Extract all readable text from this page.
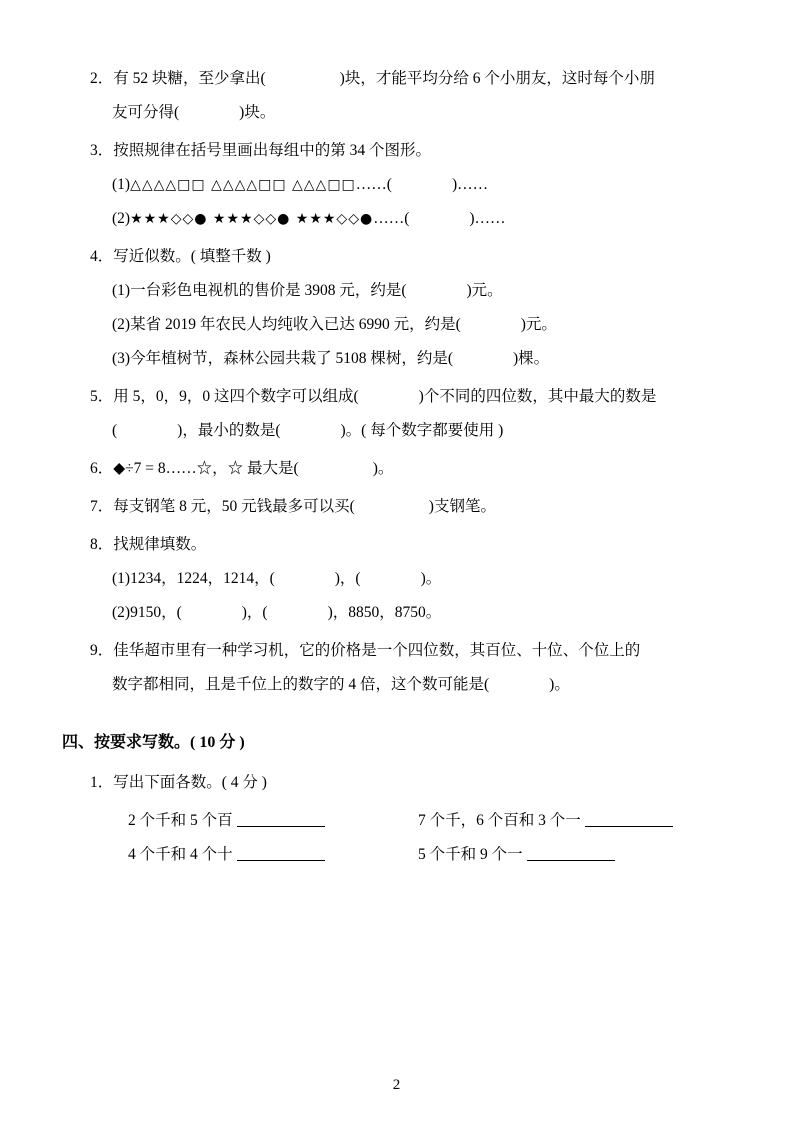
2．有 52 块糖，至少拿出(	)块，才能平均分给 6 个小朋友，这时每个小朋
友可分得(	)块。
3．按照规律在括号里画出每组中的第 34 个图形。
(1)△△△△□□ △△△△□□ △△△□□……(	)……
(2)★★★◇◇● ★★★◇◇● ★★★◇◇●……(	)……
4．写近似数。( 填整千数 )
(1)一台彩色电视机的售价是 3908 元，约是(	)元。
(2)某省 2019 年农民人均纯收入已达 6990 元，约是(	)元。
(3)今年植树节，森林公园共栽了 5108 棵树，约是(	)棵。
5．用 5，0，9，0 这四个数字可以组成(	)个不同的四位数，其中最大的数是
(	)，最小的数是(	)。( 每个数字都要使用 )
6．◆÷7 = 8……☆，☆ 最大是(	)。
7．每支钢笔 8 元，50 元钱最多可以买(	)支钢笔。
8．找规律填数。
(1)1234，1224，1214，(	)，(	)。
(2)9150，(	)，(	)，8850，8750。
9．佳华超市里有一种学习机，它的价格是一个四位数，其百位、十位、个位上的
数字都相同，且是千位上的数字的 4 倍，这个数可能是(	)。
四、按要求写数。( 10 分 )
1．写出下面各数。( 4 分 )
2 个千和 5 个百	7 个千，6 个百和 3 个一
4 个千和 4 个十	5 个千和 9 个一
2
